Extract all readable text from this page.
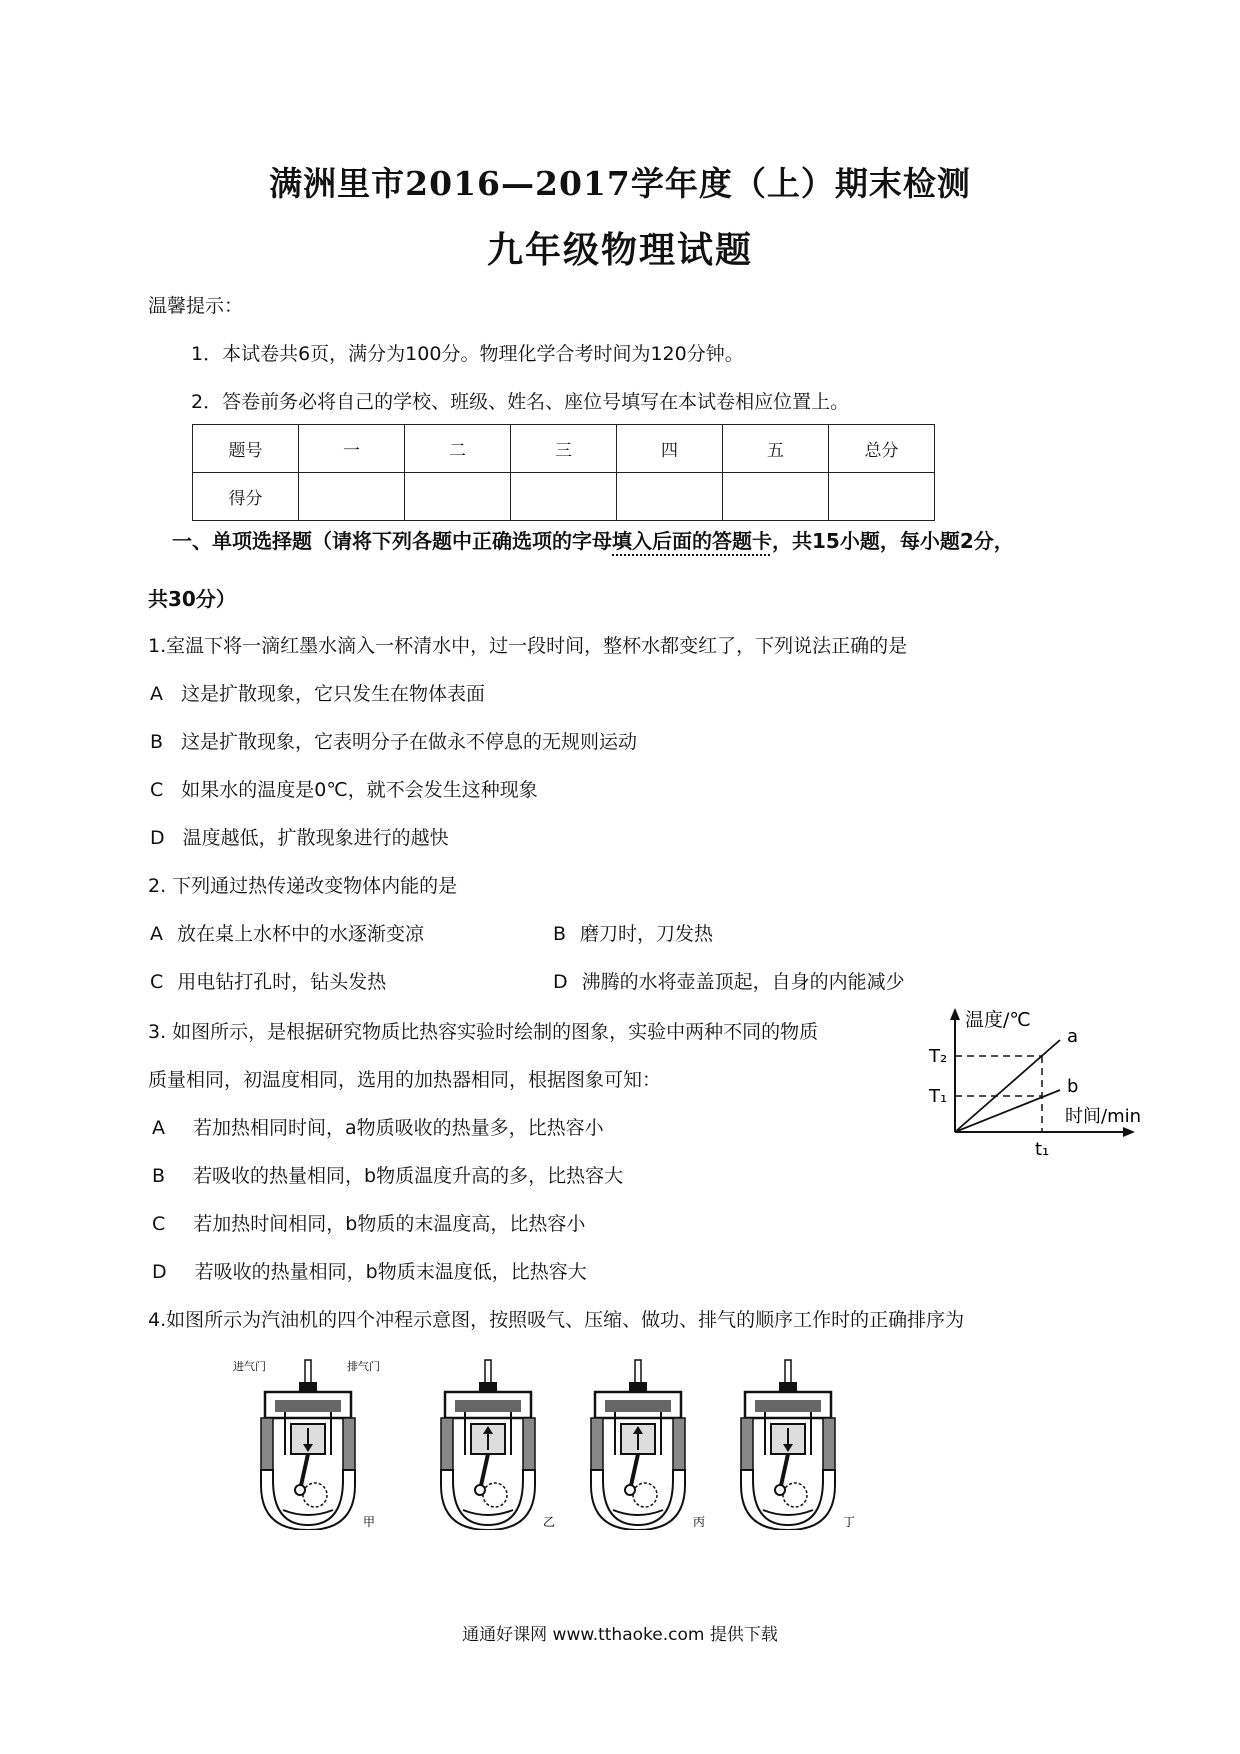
满洲里市2016—2017学年度（上）期末检测
九年级物理试题
温馨提示：
1．本试卷共6页，满分为100分。物理化学合考时间为120分钟。
2．答卷前务必将自己的学校、班级、姓名、座位号填写在本试卷相应位置上。
题号	一	二	三	四	五	总分
得分						
一、单项选择题（请将下列各题中正确选项的字母填入后面的答题卡，共15小题，每小题2分，
共30分）
1.室温下将一滴红墨水滴入一杯清水中，过一段时间，整杯水都变红了，下列说法正确的是
A 这是扩散现象，它只发生在物体表面
B 这是扩散现象，它表明分子在做永不停息的无规则运动
C 如果水的温度是0℃，就不会发生这种现象
D 温度越低，扩散现象进行的越快
2. 下列通过热传递改变物体内能的是
A 放在桌上水杯中的水逐渐变凉	B 磨刀时，刀发热
C 用电钻打孔时，钻头发热	D 沸腾的水将壶盖顶起，自身的内能减少
3. 如图所示，是根据研究物质比热容实验时绘制的图象，实验中两种不同的物质
质量相同，初温度相同，选用的加热器相同，根据图象可知：
A 若加热相同时间，a物质吸收的热量多，比热容小
B 若吸收的热量相同，b物质温度升高的多，比热容大
C 若加热时间相同，b物质的末温度高，比热容小
D 若吸收的热量相同，b物质末温度低，比热容大
温度/℃
时间/min
a
b
T₂
T₁
t₁
4.如图所示为汽油机的四个冲程示意图，按照吸气、压缩、做功、排气的顺序工作时的正确排序为
进气门	排气门
甲	乙	丙	丁
通通好课网 www.tthaoke.com 提供下载
